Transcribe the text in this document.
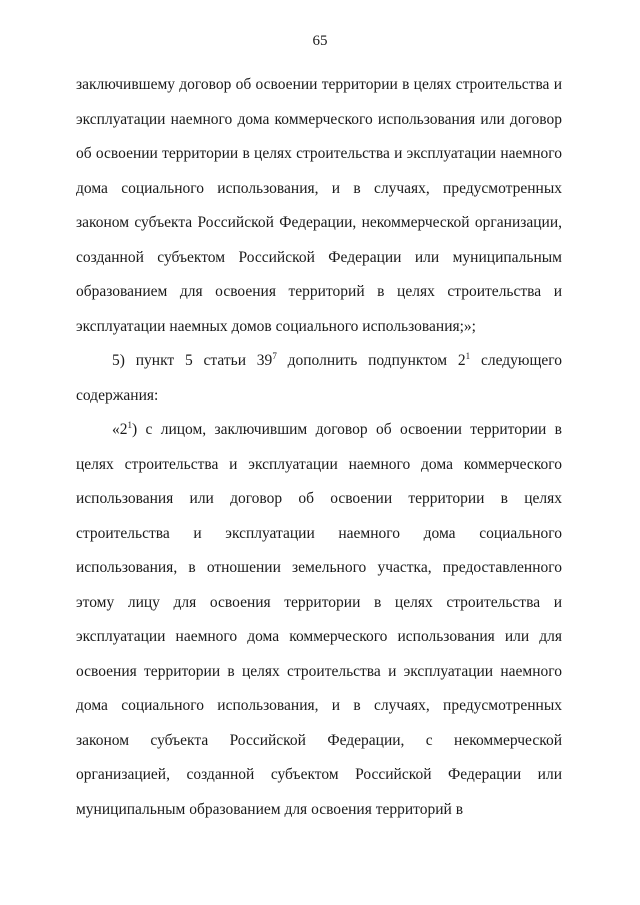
65

заключившему договор об освоении территории в целях строительства и эксплуатации наемного дома коммерческого использования или договор об освоении территории в целях строительства и эксплуатации наемного дома социального использования, и в случаях, предусмотренных законом субъекта Российской Федерации, некоммерческой организации, созданной субъектом Российской Федерации или муниципальным образованием для освоения территорий в целях строительства и эксплуатации наемных домов социального использования;»;

5) пункт 5 статьи $39^7$ дополнить подпунктом $2^1$ следующего содержания:

«$2^1$) с лицом, заключившим договор об освоении территории в целях строительства и эксплуатации наемного дома коммерческого использования или договор об освоении территории в целях строительства и эксплуатации наемного дома социального использования, в отношении земельного участка, предоставленного этому лицу для освоения территории в целях строительства и эксплуатации наемного дома коммерческого использования или для освоения территории в целях строительства и эксплуатации наемного дома социального использования, и в случаях, предусмотренных законом субъекта Российской Федерации, с некоммерческой организацией, созданной субъектом Российской Федерации или муниципальным образованием для освоения территорий в
